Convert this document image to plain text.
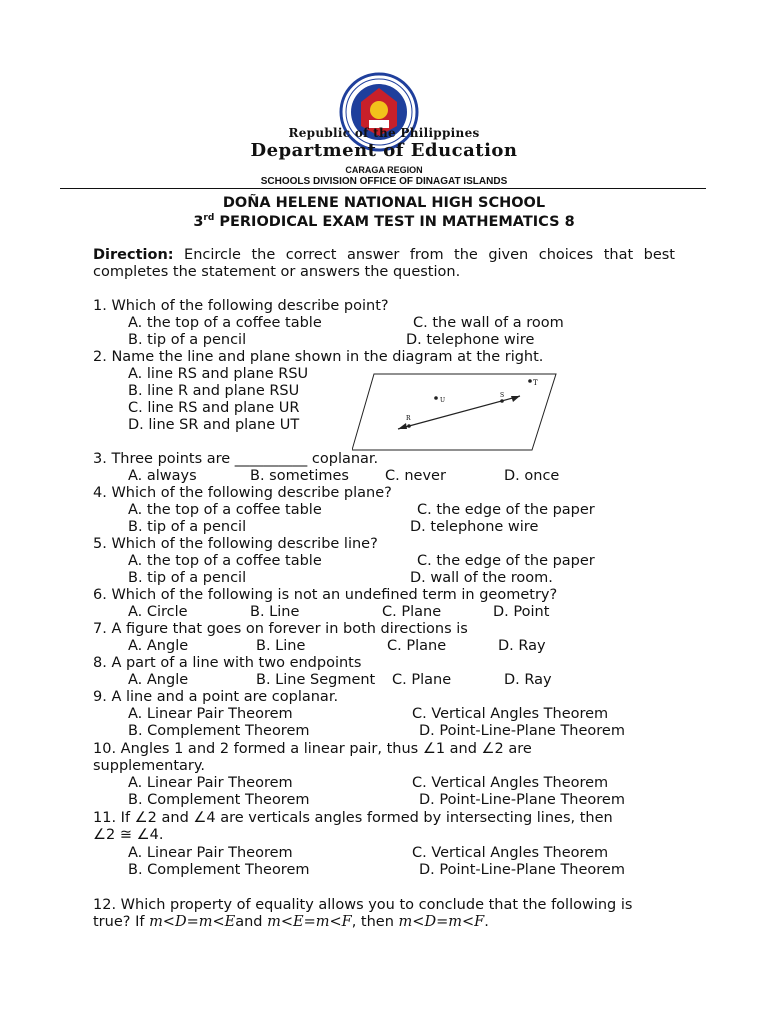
Republic of the Philippines
Department of Education
CARAGA REGION
SCHOOLS DIVISION OFFICE OF DINAGAT ISLANDS
DOÑA HELENE NATIONAL HIGH SCHOOL
3rd PERIODICAL EXAM TEST IN MATHEMATICS 8
Direction: Encircle the correct answer from the given choices that best completes the statement or answers the question.
1. Which of the following describe point?
A. the top of a coffee table	C. the wall of a room
B. tip of a pencil	D. telephone wire
2. Name the line and plane shown in the diagram at the right.
A. line RS and plane RSU
B. line R and plane RSU
C. line RS and plane UR
D. line SR and plane UT
T
U
S
R
3. Three points are __________ coplanar.
A. always	B. sometimes C. never	D. once
4. Which of the following describe plane?
A. the top of a coffee table	C. the edge of the paper
B. tip of a pencil	D. telephone wire
5. Which of the following describe line?
A. the top of a coffee table	C. the edge of the paper
B. tip of a pencil	D. wall of the room.
6. Which of the following is not an undefined term in geometry?
A. Circle	B. Line	C. Plane	D. Point
7. A figure that goes on forever in both directions is
A. Angle	B. Line	C. Plane	D. Ray
8. A part of a line with two endpoints
A. Angle	B. Line Segment C. Plane	D. Ray
9. A line and a point are coplanar.
A. Linear Pair Theorem	C. Vertical Angles Theorem
B. Complement Theorem	D. Point-Line-Plane Theorem
10. Angles 1 and 2 formed a linear pair, thus ∠1 and ∠2 are
supplementary.
A. Linear Pair Theorem	C. Vertical Angles Theorem
B. Complement Theorem	D. Point-Line-Plane Theorem
11. If ∠2 and ∠4 are verticals angles formed by intersecting lines, then
∠2 ≅ ∠4.
A. Linear Pair Theorem	C. Vertical Angles Theorem
B. Complement Theorem	D. Point-Line-Plane Theorem
12. Which property of equality allows you to conclude that the following is
true? If m<D=m<Eand m<E=m<F, then m<D=m<F.
